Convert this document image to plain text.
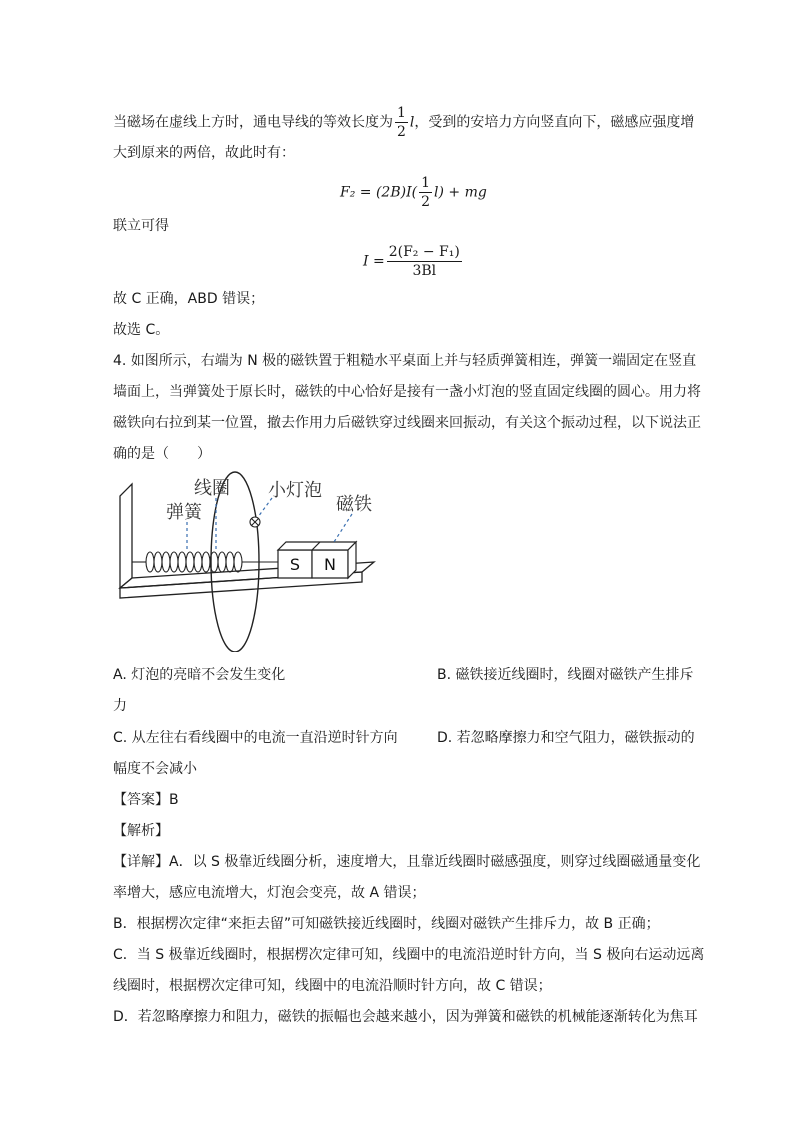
当磁场在虚线上方时，通电导线的等效长度为 $\frac{1}{2}$ l，受到的安培力方向竖直向下，磁感应强度增
大到原来的两倍，故此时有：
$F_2 = (2B)I( \frac{1}{2} l)$ + mg
联立可得
$I = \frac{\text{2(F₂ − F₁)}}{3Bl}$
故 C 正确，ABD 错误；
故选 C。
4. 如图所示，右端为 N 极的磁铁置于粗糙水平桌面上并与轻质弹簧相连，弹簧一端固定在竖直
墙面上，当弹簧处于原长时，磁铁的中心恰好是接有一盏小灯泡的竖直固定线圈的圆心。用力将
磁铁向右拉到某一位置，撤去作用力后磁铁穿过线圈来回振动，有关这个振动过程，以下说法正
确的是（　　）
S N
线圈
弹簧
小灯泡
磁铁
A. 灯泡的亮暗不会发生变化	B. 磁铁接近线圈时，线圈对磁铁产生排斥
力
C. 从左往右看线圈中的电流一直沿逆时针方向	D. 若忽略摩擦力和空气阻力，磁铁振动的
幅度不会减小
【答案】B
【解析】
【详解】A．以 S 极靠近线圈分析，速度增大，且靠近线圈时磁感强度，则穿过线圈磁通量变化
率增大，感应电流增大，灯泡会变亮，故 A 错误；
B．根据楞次定律“来拒去留”可知磁铁接近线圈时，线圈对磁铁产生排斥力，故 B 正确；
C．当 S 极靠近线圈时，根据楞次定律可知，线圈中的电流沿逆时针方向，当 S 极向右运动远离
线圈时，根据楞次定律可知，线圈中的电流沿顺时针方向，故 C 错误；
D．若忽略摩擦力和阻力，磁铁的振幅也会越来越小，因为弹簧和磁铁的机械能逐渐转化为焦耳
